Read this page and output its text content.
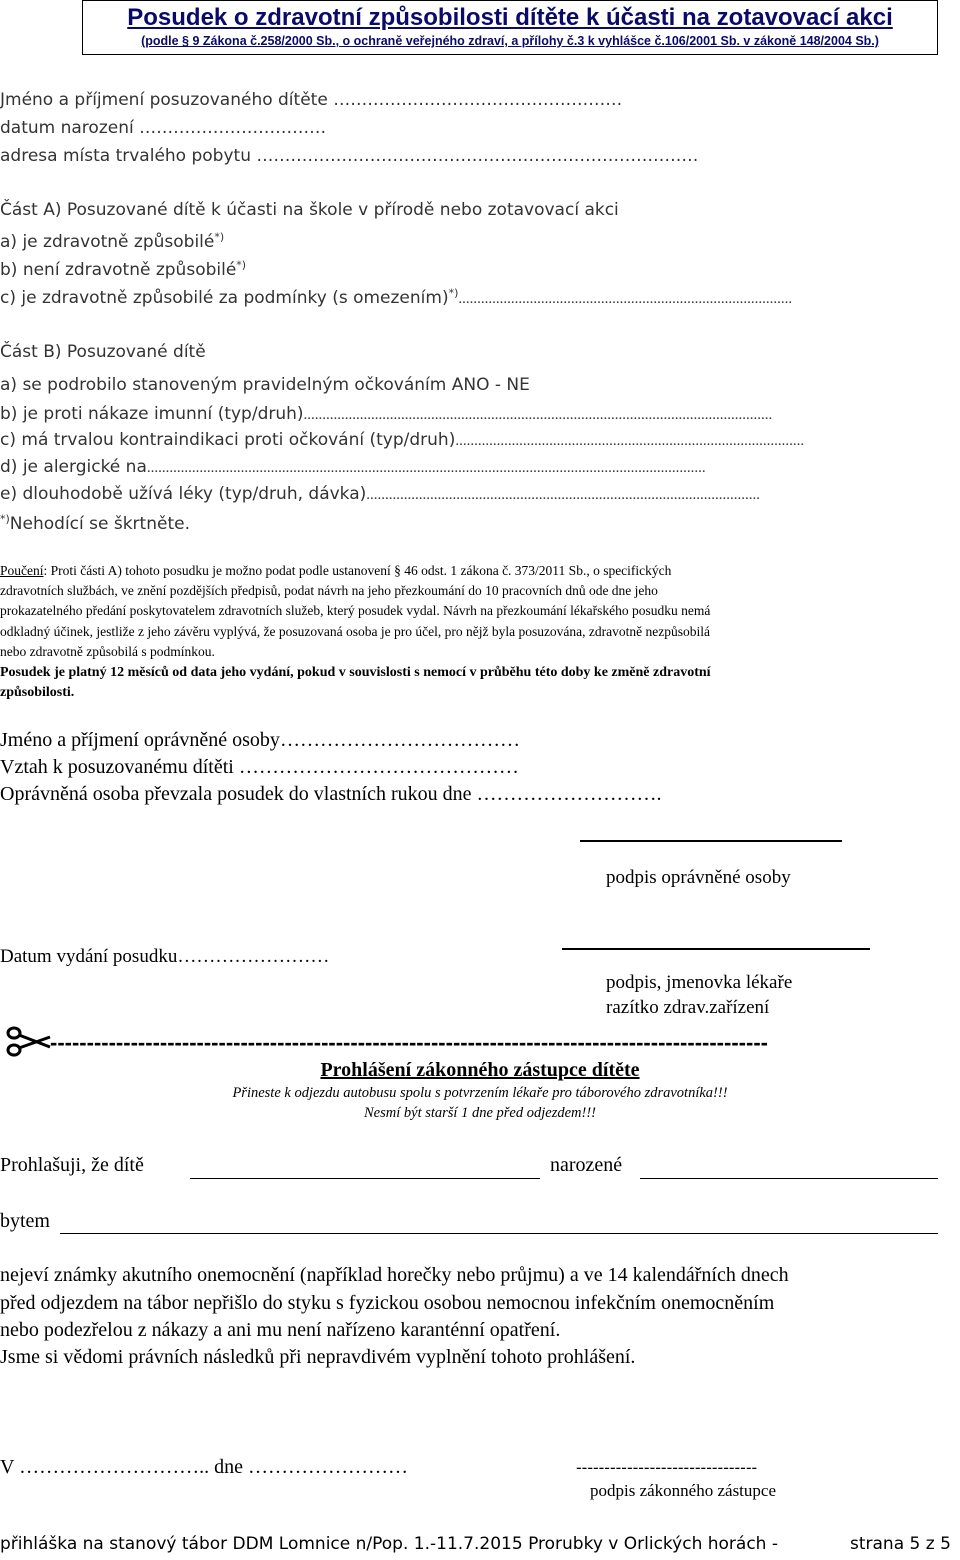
Posudek o zdravotní způsobilosti dítěte k účasti na zotavovací akci
(podle § 9 Zákona č.258/2000 Sb., o ochraně veřejného zdraví, a přílohy č.3 k vyhlášce č.106/2001 Sb. v zákoně 148/2004 Sb.)
Jméno a příjmení posuzovaného dítěte ……………………………………………
datum narození ……………………………
adresa místa trvalého pobytu ……………………………………………………………………
Část A) Posuzované dítě k účasti na škole v přírodě nebo zotavovací akci
a) je zdravotně způsobilé*)
b) není zdravotně způsobilé*)
c) je zdravotně způsobilé za podmínky (s omezením)*).........................................................................................
Část B) Posuzované dítě
a) se podrobilo stanoveným pravidelným očkováním ANO - NE
b) je proti nákaze imunní (typ/druh).............................................................................................................................
c) má trvalou kontraindikaci proti očkování (typ/druh).............................................................................................
d) je alergické na.....................................................................................................................................................
e) dlouhodobě užívá léky (typ/druh, dávka).........................................................................................................
*)Nehodící se škrtněte.
Poučení: Proti části A) tohoto posudku je možno podat podle ustanovení § 46 odst. 1 zákona č. 373/2011 Sb., o specifických
zdravotních službách, ve znění pozdějších předpisů, podat návrh na jeho přezkoumání do 10 pracovních dnů ode dne jeho
prokazatelného předání poskytovatelem zdravotních služeb, který posudek vydal. Návrh na přezkoumání lékařského posudku nemá
odkladný účinek, jestliže z jeho závěru vyplývá, že posuzovaná osoba je pro účel, pro nějž byla posuzována, zdravotně nezpůsobilá
nebo zdravotně způsobilá s podmínkou.
Posudek je platný 12 měsíců od data jeho vydání, pokud v souvislosti s nemocí v průběhu této doby ke změně zdravotní
způsobilosti.
Jméno a příjmení oprávněné osoby………………………………
Vztah k posuzovanému dítěti ……………………………………
Oprávněná osoba převzala posudek do vlastních rukou dne ……………………….
podpis oprávněné osoby
Datum vydání posudku……………………
podpis, jmenovka lékaře
razítko zdrav.zařízení
--------------------------------------------------------------------------------------------------
Prohlášení zákonného zástupce dítěte
Přineste k odjezdu autobusu spolu s potvrzením lékaře pro táborového zdravotníka!!!
Nesmí být starší 1 dne před odjezdem!!!
Prohlašuji, že dítě	narozené
bytem
nejeví známky akutního onemocnění (například horečky nebo průjmu) a ve 14 kalendářních dnech
před odjezdem na tábor nepřišlo do styku s fyzickou osobou nemocnou infekčním onemocněním
nebo podezřelou z nákazy a ani mu není nařízeno karanténní opatření.
Jsme si vědomi právních následků při nepravdivém vyplnění tohoto prohlášení.
V ……………………….. dne ……………………	--------------------------------
podpis zákonného zástupce
přihláška na stanový tábor DDM Lomnice n/Pop. 1.-11.7.2015 Prorubky v Orlických horách -	strana 5 z 5
